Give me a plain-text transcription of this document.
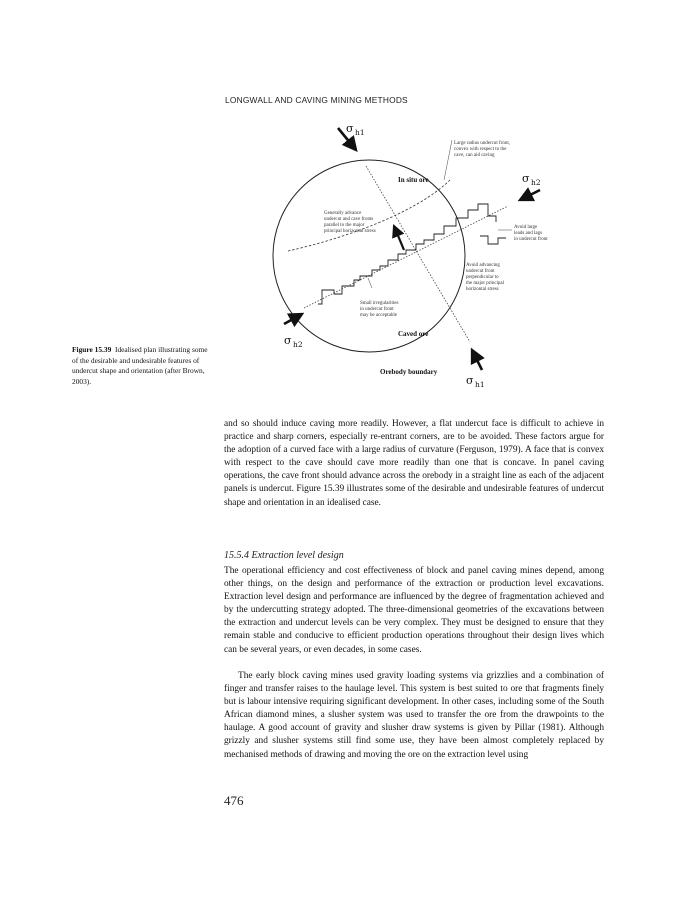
LONGWALL AND CAVING MINING METHODS
σ h1
σ h2
σ h2
σ h1
In situ ore
Caved ore
Orebody boundary
Large radius undercut front, convex with respect to the cave, can aid caving
Generally advance undercut and cave fronts parallel to the major principal horizontal stress
Avoid large leads and lags in undercut front
Avoid advancing undercut front perpendicular to the major principal horizontal stress
Small irregularities in undercut front may be acceptable
Figure 15.39 Idealised plan illustrating some of the desirable and undesirable features of undercut shape and orientation (after Brown, 2003).

and so should induce caving more readily. However, a flat undercut face is difficult to achieve in practice and sharp corners, especially re-entrant corners, are to be avoided. These factors argue for the adoption of a curved face with a large radius of curvature (Ferguson, 1979). A face that is convex with respect to the cave should cave more readily than one that is concave. In panel caving operations, the cave front should advance across the orebody in a straight line as each of the adjacent panels is undercut. Figure 15.39 illustrates some of the desirable and undesirable features of undercut shape and orientation in an idealised case.

15.5.4 Extraction level design

The operational efficiency and cost effectiveness of block and panel caving mines depend, among other things, on the design and performance of the extraction or production level excavations. Extraction level design and performance are influenced by the degree of fragmentation achieved and by the undercutting strategy adopted. The three-dimensional geometries of the excavations between the extraction and undercut levels can be very complex. They must be designed to ensure that they remain stable and conducive to efficient production operations throughout their design lives which can be several years, or even decades, in some cases.

The early block caving mines used gravity loading systems via grizzlies and a combination of finger and transfer raises to the haulage level. This system is best suited to ore that fragments finely but is labour intensive requiring significant development. In other cases, including some of the South African diamond mines, a slusher system was used to transfer the ore from the drawpoints to the haulage. A good account of gravity and slusher draw systems is given by Pillar (1981). Although grizzly and slusher systems still find some use, they have been almost completely replaced by mechanised methods of drawing and moving the ore on the extraction level using

476
